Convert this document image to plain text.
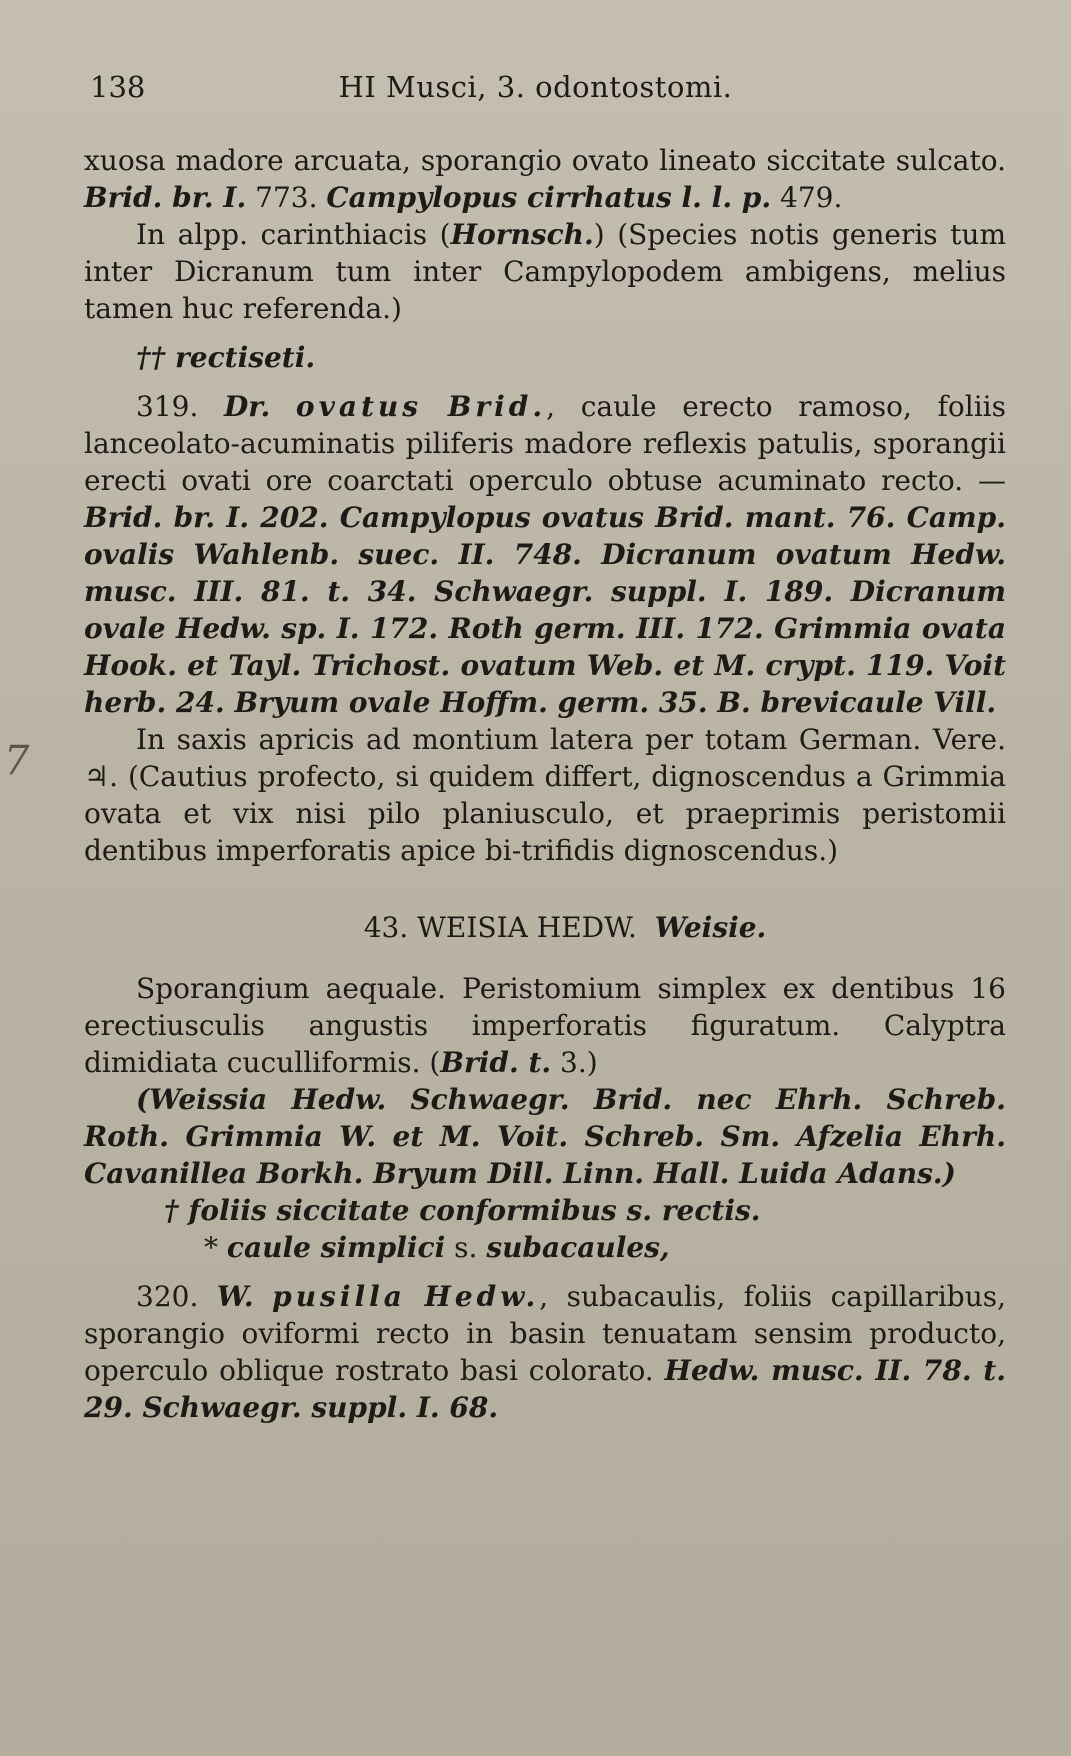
138	HI Musci, 3. odontostomi.
7

xuosa madore arcuata, sporangio ovato lineato siccitate sulcato. Brid. br. I. 773. Campylopus cirrhatus l. l. p. 479.

In alpp. carinthiacis (Hornsch.) (Species notis generis tum inter Dicranum tum inter Campylopodem ambigens, melius tamen huc referenda.)

†† rectiseti.

319. Dr. ovatus Brid., caule erecto ramoso, foliis lanceolato-acuminatis piliferis madore reflexis patulis, sporangii erecti ovati ore coarctati operculo obtuse acuminato recto. — Brid. br. I. 202. Campylopus ovatus Brid. mant. 76. Camp. ovalis Wahlenb. suec. II. 748. Dicranum ovatum Hedw. musc. III. 81. t. 34. Schwaegr. suppl. I. 189. Dicranum ovale Hedw. sp. I. 172. Roth germ. III. 172. Grimmia ovata Hook. et Tayl. Trichost. ovatum Web. et M. crypt. 119. Voit herb. 24. Bryum ovale Hoffm. germ. 35. B. brevicaule Vill.

In saxis apricis ad montium latera per totam German. Vere. ♃. (Cautius profecto, si quidem differt, dignoscendus a Grimmia ovata et vix nisi pilo planiusculo, et praeprimis peristomii dentibus imperforatis apice bi-trifidis dignoscendus.)

43. WEISIA HEDW. Weisie.

Sporangium aequale. Peristomium simplex ex dentibus 16 erectiusculis angustis imperforatis figuratum. Calyptra dimidiata cuculliformis. (Brid. t. 3.)

(Weissia Hedw. Schwaegr. Brid. nec Ehrh. Schreb. Roth. Grimmia W. et M. Voit. Schreb. Sm. Afzelia Ehrh. Cavanillea Borkh. Bryum Dill. Linn. Hall. Luida Adans.)

† foliis siccitate conformibus s. rectis.

* caule simplici s. subacaules,

320. W. pusilla Hedw., subacaulis, foliis capillaribus, sporangio oviformi recto in basin tenuatam sensim producto, operculo oblique rostrato basi colorato. Hedw. musc. II. 78. t. 29. Schwaegr. suppl. I. 68.
